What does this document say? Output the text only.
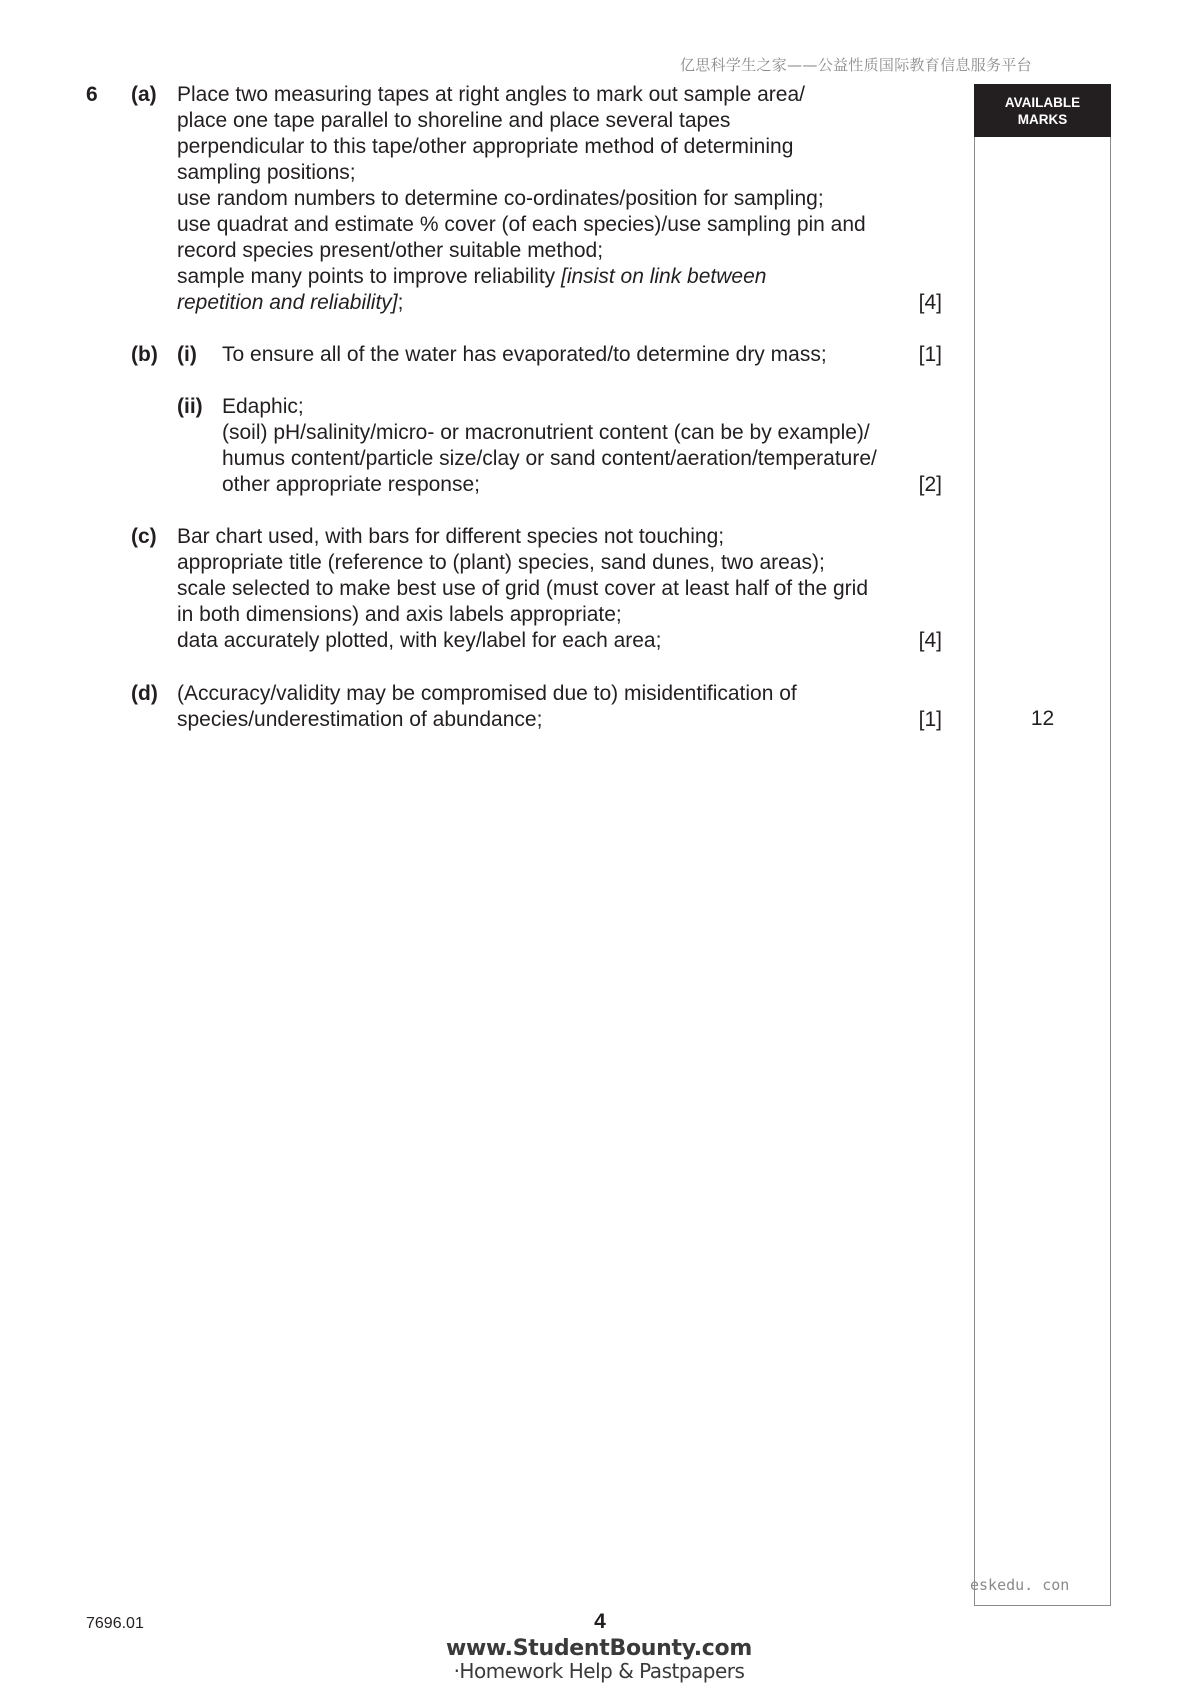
亿思科学生之家——公益性质国际教育信息服务平台
AVAILABLE
MARKS
12
6 (a) Place two measuring tapes at right angles to mark out sample area/
place one tape parallel to shoreline and place several tapes
perpendicular to this tape/other appropriate method of determining
sampling positions;
use random numbers to determine co-ordinates/position for sampling;
use quadrat and estimate % cover (of each species)/use sampling pin and
record species present/other suitable method;
sample many points to improve reliability [insist on link between
repetition and reliability];	[4]
(b) (i) To ensure all of the water has evaporated/to determine dry mass;	[1]
(ii) Edaphic;
(soil) pH/salinity/micro- or macronutrient content (can be by example)/
humus content/particle size/clay or sand content/aeration/temperature/
other appropriate response;	[2]
(c) Bar chart used, with bars for different species not touching;
appropriate title (reference to (plant) species, sand dunes, two areas);
scale selected to make best use of grid (must cover at least half of the grid
in both dimensions) and axis labels appropriate;
data accurately plotted, with key/label for each area;	[4]
(d) (Accuracy/validity may be compromised due to) misidentification of
species/underestimation of abundance;	[1]
eskedu. con
7696.01	4
www.StudentBounty.com
·Homework Help & Pastpapers
